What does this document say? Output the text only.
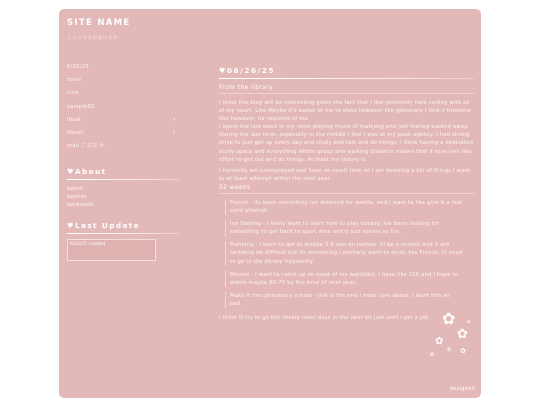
SITE NAME
ここに文字が書けます
6/26/25
main
Link
sample01
Illust	›
Novel	›
mail ご意見 か
♥About
kalinn
topinse
konkukeki
♥Last Update
6/26/25 created
♥06/26/25
From the library

I think this blog will be interesting given the fact that I like genuinely hate coding with all of my heart. Like Maybe it's easier of me to state however like genuinely I find it tiresome

Not however, its required of me.

I spent the last week in my room playing hours of mahjong and just feeling wasted away.

During the last term, especially in the middle I feel I was at my peak agency. I had strong drive to just get up every day and study and talk and do things. I think having a dedicated study space and everything within grasp and walking distance means that it took less like effort to get out and do things. At least my theory is

I currently am unemployed and have so much time so I am devising a list of things I want to at least attempt within the next year.

52 weeks
French - its been something ive deterred for awhile, and i want to like give it a real solid attempt.
Ice Skating - I really want to learn how to play hockey. Ive been looking for something to get back to sport wise and it just seems so fun.
Mahjong - I want to get to maybe 5-6 dan on tenhou. Ill be a stretch and it will certainly be difficult but its something I similarly want to study like French, ill need to go to the library frequently
Movies - I want to catch up on most of my watchlist. I have like 150 and I hope to watch maybe 60-75 by the time of next year.
Make it into pharmacy school - this is the one I most care about, i want this so bad.
I think ill try to go the library most days in the next bit just until i get a job
designed
✿
✿
✿
✿
✿
✿
✿
